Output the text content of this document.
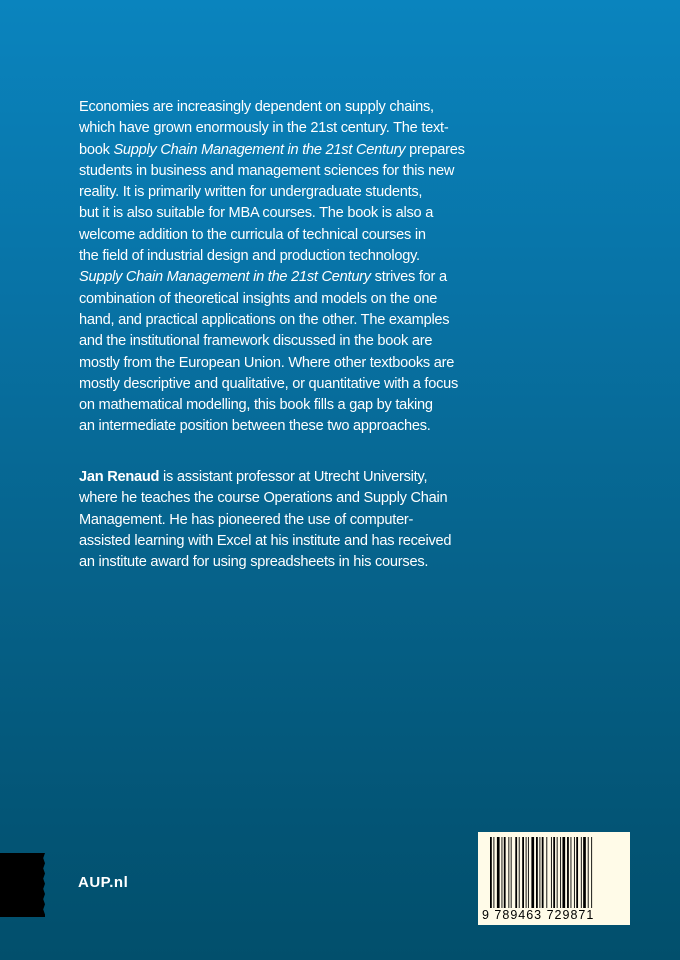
Economies are increasingly dependent on supply chains,
which have grown enormously in the 21st century. The text-
book Supply Chain Management in the 21st Century prepares
students in business and management sciences for this new
reality. It is primarily written for undergraduate students,
but it is also suitable for MBA courses. The book is also a
welcome addition to the curricula of technical courses in
the field of industrial design and production technology.
Supply Chain Management in the 21st Century strives for a
combination of theoretical insights and models on the one
hand, and practical applications on the other. The examples
and the institutional framework discussed in the book are
mostly from the European Union. Where other textbooks are
mostly descriptive and qualitative, or quantitative with a focus
on mathematical modelling, this book fills a gap by taking
an intermediate position between these two approaches.
Jan Renaud is assistant professor at Utrecht University,
where he teaches the course Operations and Supply Chain
Management. He has pioneered the use of computer-
assisted learning with Excel at his institute and has received
an institute award for using spreadsheets in his courses.
AUP.nl
9 789463 729871
